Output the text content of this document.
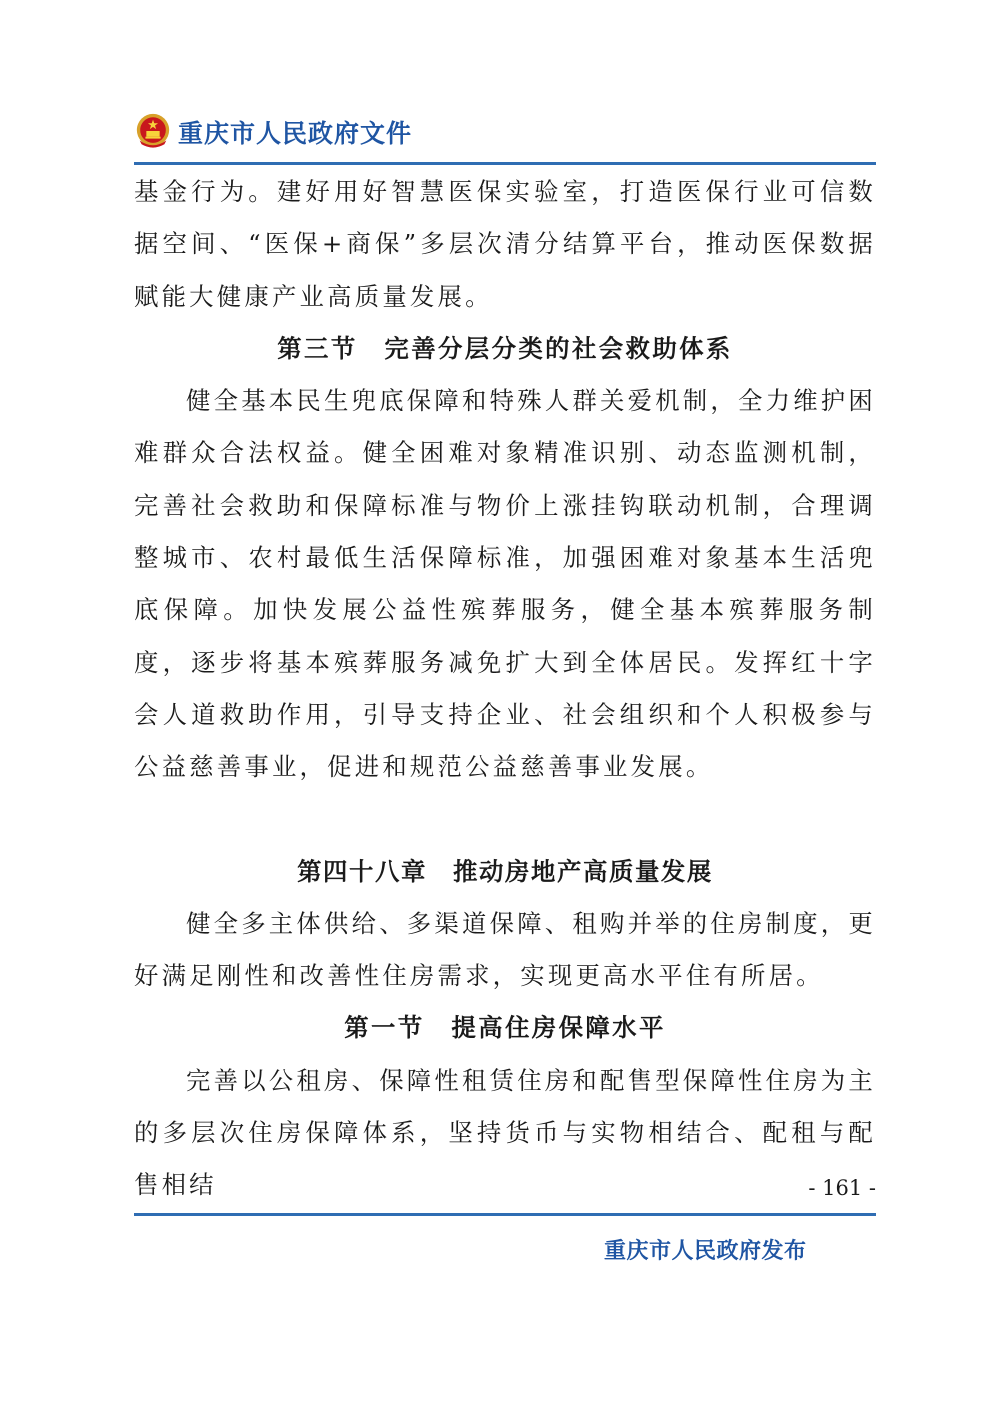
重庆市人民政府文件

基金行为。建好用好智慧医保实验室，打造医保行业可信数据空间、“医保+商保”多层次清分结算平台，推动医保数据赋能大健康产业高质量发展。

第三节　完善分层分类的社会救助体系

健全基本民生兜底保障和特殊人群关爱机制，全力维护困难群众合法权益。健全困难对象精准识别、动态监测机制，完善社会救助和保障标准与物价上涨挂钩联动机制，合理调整城市、农村最低生活保障标准，加强困难对象基本生活兜底保障。加快发展公益性殡葬服务，健全基本殡葬服务制度，逐步将基本殡葬服务减免扩大到全体居民。发挥红十字会人道救助作用，引导支持企业、社会组织和个人积极参与公益慈善事业，促进和规范公益慈善事业发展。

第四十八章　推动房地产高质量发展

健全多主体供给、多渠道保障、租购并举的住房制度，更好满足刚性和改善性住房需求，实现更高水平住有所居。

第一节　提高住房保障水平

完善以公租房、保障性租赁住房和配售型保障性住房为主的多层次住房保障体系，坚持货币与实物相结合、配租与配售相结	- 161 -
重庆市人民政府发布
